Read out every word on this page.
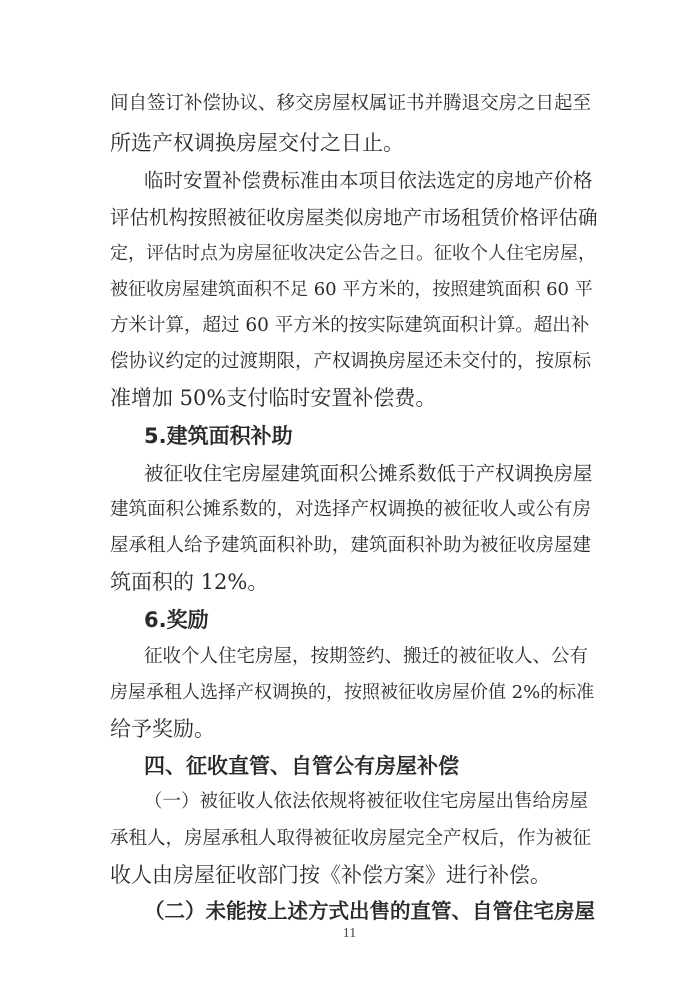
间自签订补偿协议、移交房屋权属证书并腾退交房之日起至
所选产权调换房屋交付之日止。
临时安置补偿费标准由本项目依法选定的房地产价格
评估机构按照被征收房屋类似房地产市场租赁价格评估确
定，评估时点为房屋征收决定公告之日。征收个人住宅房屋，
被征收房屋建筑面积不足 60 平方米的，按照建筑面积 60 平
方米计算，超过 60 平方米的按实际建筑面积计算。超出补
偿协议约定的过渡期限，产权调换房屋还未交付的，按原标
准增加 50%支付临时安置补偿费。
5.建筑面积补助
被征收住宅房屋建筑面积公摊系数低于产权调换房屋
建筑面积公摊系数的，对选择产权调换的被征收人或公有房
屋承租人给予建筑面积补助，建筑面积补助为被征收房屋建
筑面积的 12%。
6.奖励
征收个人住宅房屋，按期签约、搬迁的被征收人、公有
房屋承租人选择产权调换的，按照被征收房屋价值 2%的标准
给予奖励。
四、征收直管、自管公有房屋补偿
（一）被征收人依法依规将被征收住宅房屋出售给房屋
承租人，房屋承租人取得被征收房屋完全产权后，作为被征
收人由房屋征收部门按《补偿方案》进行补偿。
（二）未能按上述方式出售的直管、自管住宅房屋
11
